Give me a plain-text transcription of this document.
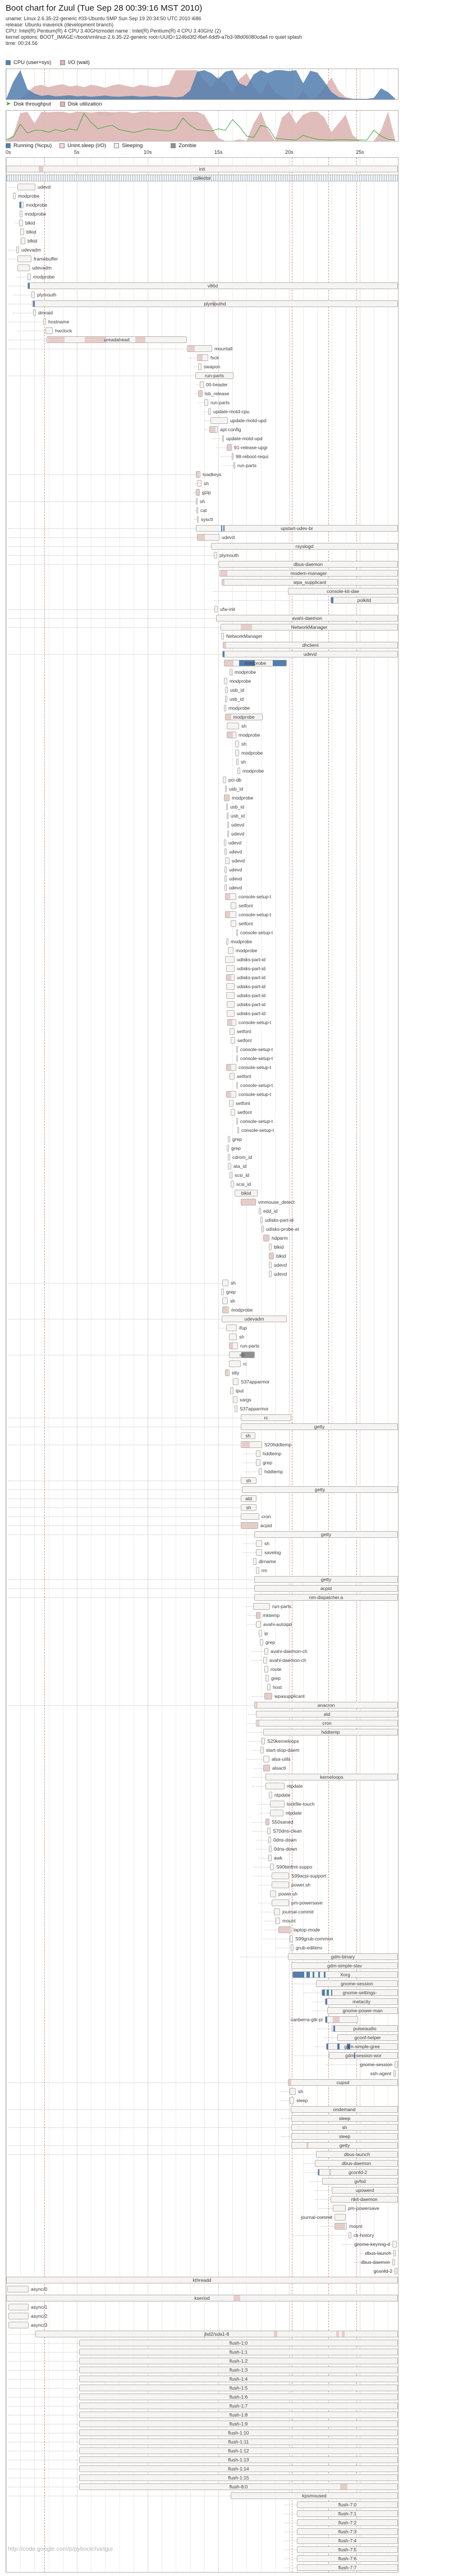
Boot chart for Zuul (Tue Sep 28 00:39:16 MST 2010)
uname: Linux 2.6.35-22-generic #33-Ubuntu SMP Sun Sep 19 20:34:50 UTC 2010 i686
release: Ubuntu maverick (development branch)
CPU: Intel(R) Pentium(R) 4 CPU 3.40GHzmodel name : Intel(R) Pentium(R) 4 CPU 3.40GHz (2)
kernel options: BOOT_IMAGE=/boot/vmlinuz-2.6.35-22-generic root=UUID=1246d3f2-f6ef-4dd9-a7b3-98d06080cda4 ro quiet splash
time: 00:24.56
CPU (user+sys)	I/O (wait)
➤ Disk throughput	Disk utilization
Running (%cpu)	Unint.sleep (I/O)	Sleeping	Zombie
0s	5s	10s	15s	20s	25s
init
collector
udevd
modprobe
modprobe
modprobe
blkid
blkid
blkid
udevadm
framebuffer
udevadm
modprobe
v86d
plymouth
plymouthd
dmraid
hostname
hwclock
ureadahead
mountall
fsck
swapon
run-parts
00-header
lsb_release
run-parts
update-motd-cpu
update-motd-upd
apt-config
update-motd-upd
91-release-upgr
98-reboot-requi
run-parts
loadkeys
sh
gzip
sh
cat
sysctl
upstart-udev-br
udevd
rsyslogd
plymouth
dbus-daemon
modem-manager
wpa_supplicant
console-kit-dae
polkitd
ufw-init
avahi-daemon
NetworkManager
NetworkManager
dhclient
udevd
modprobe
modprobe
modprobe
usb_id
usb_id
modprobe
modprobe
sh
modprobe
sh
modprobe
sh
modprobe
pci-db
usb_id
modprobe
usb_id
usb_id
udevd
udevd
udevd
udevd
udevd
udevd
udevd
udevd
console-setup-t
setfont
console-setup-t
setfont
console-setup-t
modprobe
modprobe
udisks-part-id
udisks-part-id
udisks-part-id
udisks-part-id
udisks-part-id
udisks-part-id
udisks-part-id
console-setup-t
setfont
setfont
console-setup-t
console-setup-t
console-setup-t
setfont
console-setup-t
console-setup-t
setfont
setfont
console-setup-t
console-setup-t
grep
grep
cdrom_id
ata_id
scsi_id
scsi_id
blkid
vmmouse_detect
edd_id
udisks-part-id
udisks-probe-at
hdparm
blkid
blkid
udevd
udevd
sh
grep
sh
modprobe
udevadm
ifup
sh
run-parts
sh
rc
stty
S37apparmor
tput
xargs
S37apparmor
rc
getty
sh
S20hddtemp
hddtemp
grep
hddtemp
sh
getty
atd
sh
cron
acpid
getty
sh
savelog
dirname
rm
getty
acpid
nm-dispatcher.a
run-parts
mktemp
avahi-autoipd
ip
grep
avahi-daemon-ch
avahi-daemon-ch
route
grep
host
wpasupplicant
anacron
atd
cron
hddtemp
S20kerneloops
start-stop-daem
alsa-utils
alsactl
kerneloops
ntpdate
ntpdate
lockfile-touch
ntpdate
S50saned
S70dns-clean
0dns-down
0dns-down
awk
S90binfmt-suppo
S99acpi-support
power.sh
power.sh
pm-powersave
journal-commit
mount
laptop-mode
S99grub-common
grub-editenv
gdm-binary
gdm-simple-slav
Xorg
gnome-session
gnome-settings-
metacity
gnome-power-man
canberra-gtk-pl
pulseaudio
gconf-helper
gdm-simple-gree
gdm-session-wor
gnome-session
ssh-agent
cupsd
sh
sleep
ondemand
sleep
sh
sleep
getty
dbus-launch
dbus-daemon
gconfd-2
gvfsd
upowerd
rtkit-daemon
pm-powersave
journal-commit
mount
ck-history
gnome-keyring-d
dbus-launch
dbus-daemon
gconfd-2
kthreadd
async/0
kseriod
async/1
async/2
async/3
jbd2/sda1-8
flush-1:0
flush-1:1
flush-1:2
flush-1:3
flush-1:4
flush-1:5
flush-1:6
flush-1:7
flush-1:8
flush-1:9
flush-1:10
flush-1:11
flush-1:12
flush-1:13
flush-1:14
flush-1:15
flush-8:0
kpsmoused
flush-7:0
flush-7:1
flush-7:2
flush-7:3
flush-7:4
flush-7:5
flush-7:6
flush-7:7
http://code.google.com/p/pybootchartgui
